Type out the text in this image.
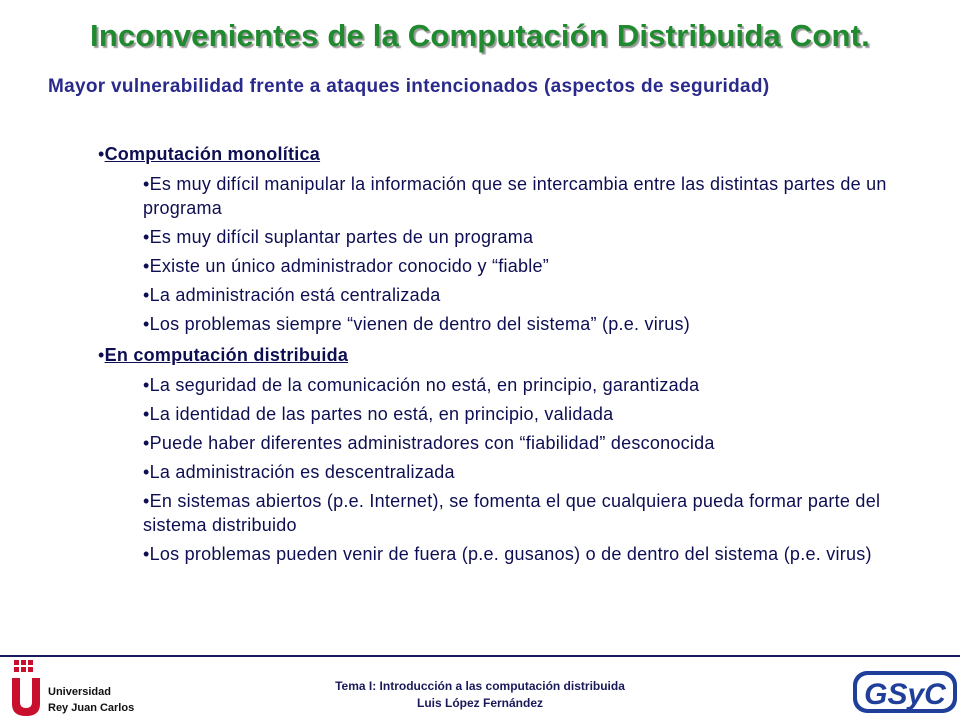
Inconvenientes de la Computación Distribuida Cont.
Mayor vulnerabilidad frente a ataques intencionados (aspectos de seguridad)
•Computación monolítica
•Es muy difícil manipular la información que se intercambia entre las distintas partes de un programa
•Es muy difícil suplantar partes de un programa
•Existe un único administrador conocido y “fiable”
•La administración está centralizada
•Los problemas siempre “vienen de dentro del sistema” (p.e. virus)
•En computación distribuida
•La seguridad de la comunicación no está, en principio, garantizada
•La identidad de las partes no está, en principio, validada
•Puede haber diferentes administradores con “fiabilidad” desconocida
•La administración es descentralizada
•En sistemas abiertos (p.e. Internet), se fomenta el que cualquiera pueda formar parte del sistema distribuido
•Los problemas pueden venir de fuera (p.e. gusanos) o de dentro del sistema (p.e. virus)
Universidad
Rey Juan Carlos
Tema I: Introducción a las computación distribuida
Luis López Fernández	GSyC
